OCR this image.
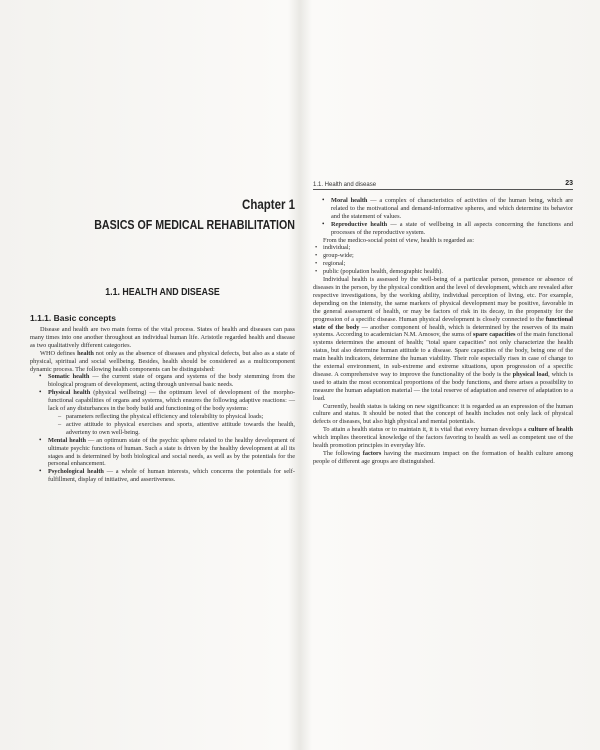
Chapter 1
BASICS OF MEDICAL REHABILITATION
1.1. HEALTH AND DISEASE
1.1.1. Basic concepts

Disease and health are two main forms of the vital process. States of health and diseases can pass many times into one another throughout an individual human life. Aristotle regarded health and disease as two qualitatively different categories.

WHO defines health not only as the absence of diseases and physical defects, but also as a state of physical, spiritual and social wellbeing. Besides, health should be considered as a multicomponent dynamic process. The following health components can be distinguished:

• Somatic health — the current state of organs and systems of the body stemming from the biological program of development, acting through universal basic needs.
• Physical health (physical wellbeing) — the optimum level of development of the morpho-functional capabilities of organs and systems, which ensures the following adaptive reactions: — lack of any disturbances in the body build and functioning of the body systems:
– parameters reflecting the physical efficiency and tolerability to physical loads;
– active attitude to physical exercises and sports, attentive attitude towards the health, adverteny to own well-being.
• Mental health — an optimum state of the psychic sphere related to the healthy development of ultimate psychic functions of human. Such a state is driven by the healthy development at all its stages and is determined by both biological and social needs, as well as by the potentials for the personal enhancement.
• Psychological health — a whole of human interests, which concerns the potentials for self-fulfillment, display of initiative, and assertiveness.
1.1. Health and disease	23
• Moral health — a complex of characteristics of activities of the human being, which are related to the motivational and demand-informative spheres, and which determine its behavior and the statement of values.
• Reproductive health — a state of wellbeing in all aspects concerning the functions and processes of the reproductive system.

From the medico-social point of view, health is regarded as:

• individual;
• group-wide;
• regional;
• public (population health, demographic health).

Individual health is assessed by the well-being of a particular person, presence or absence of diseases in the person, by the physical condition and the level of development, which are revealed after respective investigations, by the working ability, individual perception of living, etc. For example, depending on the intensity, the same markers of physical development may be positive, favorable in the general assessment of health, or may be factors of risk in its decay, in the propensity for the progression of a specific disease. Human physical development is closely connected to the functional state of the body — another component of health, which is determined by the reserves of its main systems. According to academician N.M. Amosov, the sums of spare capacities of the main functional systems determines the amount of health; "total spare capacities" not only characterize the health status, but also determine human attitude to a disease. Spare capacities of the body, being one of the main health indicators, determine the human viability. Their role especially rises in case of change to the external environment, in sub-extreme and extreme situations, upon progression of a specific disease. A comprehensive way to improve the functionality of the body is the physical load, which is used to attain the most economical proportions of the body functions, and there arises a possibility to measure the human adaptation material — the total reserve of adaptation and reserve of adaptation to a load.

Currently, health status is taking on new significance: it is regarded as an expression of the human culture and status. It should be noted that the concept of health includes not only lack of physical defects or diseases, but also high physical and mental potentials.

To attain a health status or to maintain it, it is vital that every human develops a culture of health which implies theoretical knowledge of the factors favoring to health as well as competent use of the health promotion principles in everyday life.

The following factors having the maximum impact on the formation of health culture among people of different age groups are distinguished.
